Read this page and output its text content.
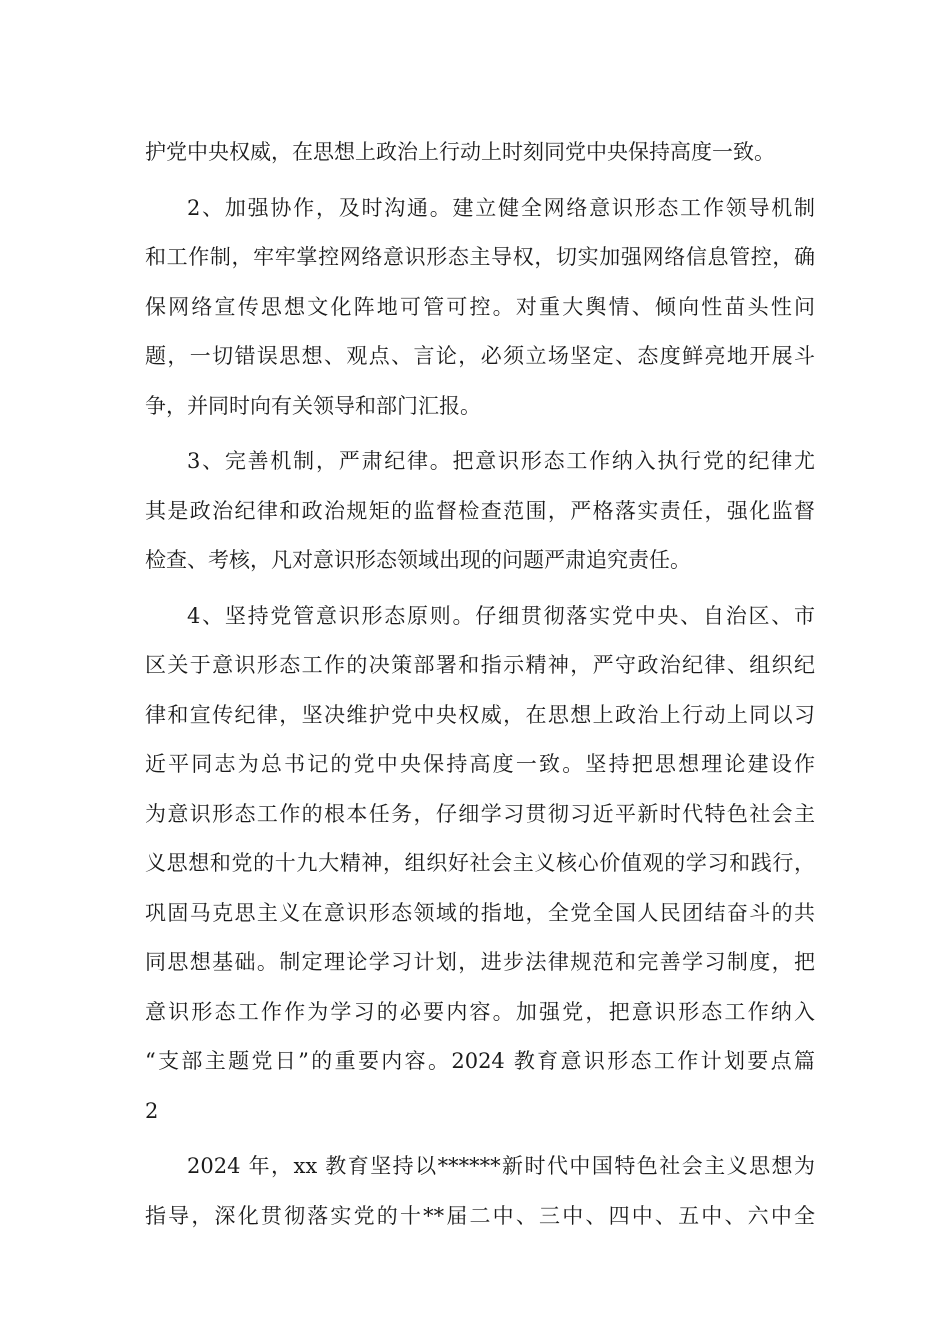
护党中央权威，在思想上政治上行动上时刻同党中央保持高度一致。
2、加强协作，及时沟通。建立健全网络意识形态工作领导机制
和工作制，牢牢掌控网络意识形态主导权，切实加强网络信息管控，确
保网络宣传思想文化阵地可管可控。对重大舆情、倾向性苗头性问
题，一切错误思想、观点、言论，必须立场坚定、态度鲜亮地开展斗
争，并同时向有关领导和部门汇报。
3、完善机制，严肃纪律。把意识形态工作纳入执行党的纪律尤
其是政治纪律和政治规矩的监督检查范围，严格落实责任，强化监督
检查、考核，凡对意识形态领域出现的问题严肃追究责任。
4、坚持党管意识形态原则。仔细贯彻落实党中央、自治区、市
区关于意识形态工作的决策部署和指示精神，严守政治纪律、组织纪
律和宣传纪律，坚决维护党中央权威，在思想上政治上行动上同以习
近平同志为总书记的党中央保持高度一致。坚持把思想理论建设作
为意识形态工作的根本任务，仔细学习贯彻习近平新时代特色社会主
义思想和党的十九大精神，组织好社会主义核心价值观的学习和践行，
巩固马克思主义在意识形态领域的指地，全党全国人民团结奋斗的共
同思想基础。制定理论学习计划，进步法律规范和完善学习制度，把
意识形态工作作为学习的必要内容。加强党，把意识形态工作纳入
“支部主题党日”的重要内容。2024 教育意识形态工作计划要点篇
2
2024 年，xx 教育坚持以******新时代中国特色社会主义思想为
指导，深化贯彻落实党的十**届二中、三中、四中、五中、六中全
